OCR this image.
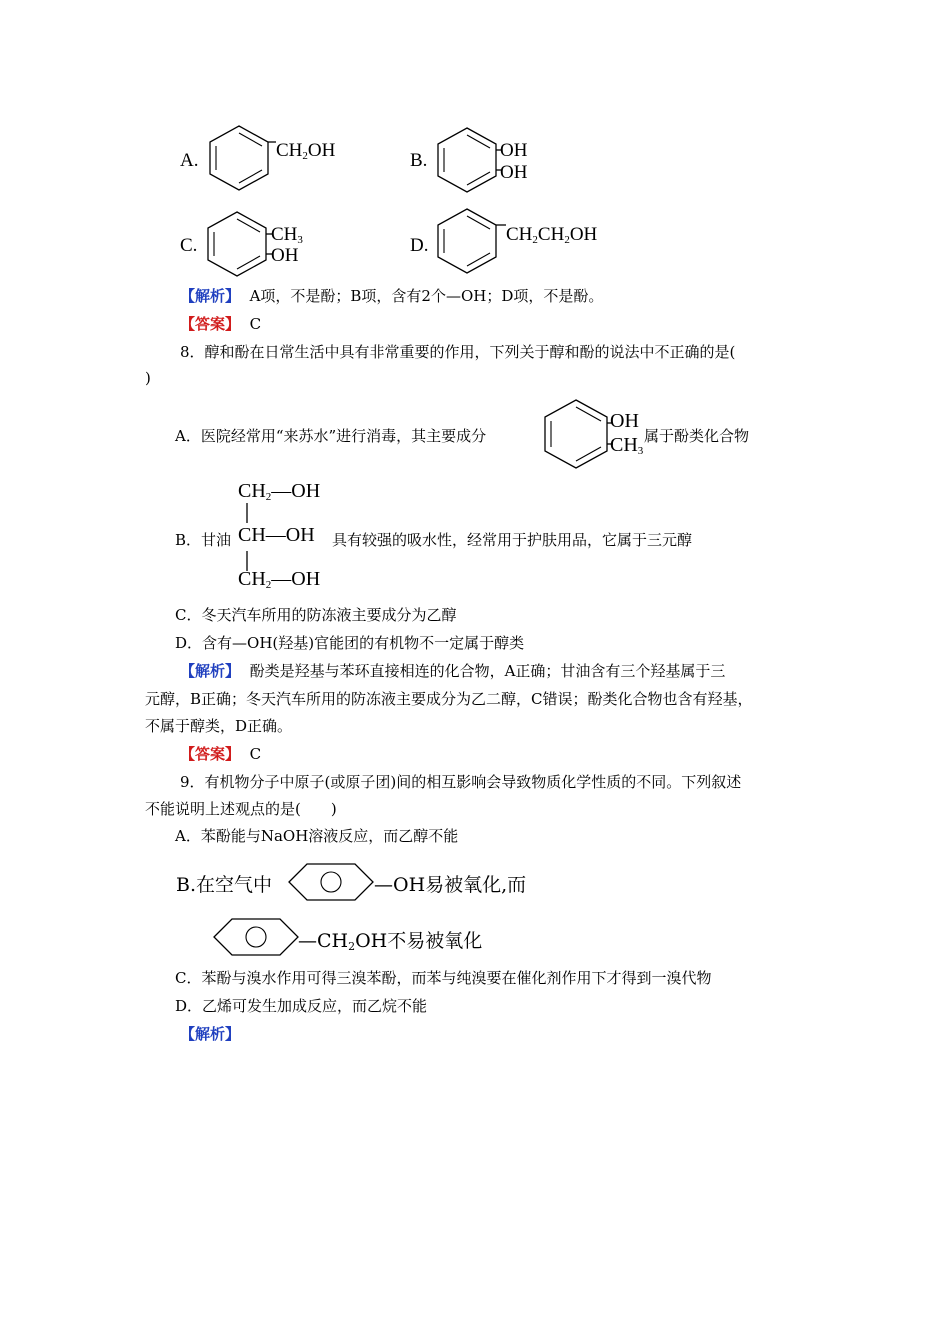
A.	$CH_2OH$	B.	OH
OH
C.
$CH_3$
OH	D.
$CH_2CH_2OH$
【解析】 A项，不是酚；B项，含有2个—OH；D项，不是酚。
【答案】 C
8．醇和酚在日常生活中具有非常重要的作用，下列关于醇和酚的说法中不正确的是(
)
A．医院经常用“来苏水”进行消毒，其主要成分
OH
$CH_3$
属于酚类化合物
B．甘油
$CH_2—OH$
CH—OH
$CH_2—OH$
具有较强的吸水性，经常用于护肤用品，它属于三元醇
C．冬天汽车所用的防冻液主要成分为乙醇
D．含有—OH(羟基)官能团的有机物不一定属于醇类
【解析】 酚类是羟基与苯环直接相连的化合物，A正确；甘油含有三个羟基属于三
元醇，B正确；冬天汽车所用的防冻液主要成分为乙二醇，C错误；酚类化合物也含有羟基，
不属于醇类，D正确。
【答案】 C
9．有机物分子中原子(或原子团)间的相互影响会导致物质化学性质的不同。下列叙述
不能说明上述观点的是(　　)
A．苯酚能与NaOH溶液反应，而乙醇不能
B.在空气中	—OH易被氧化,而
$—CH_2OH$不易被氧化
C．苯酚与溴水作用可得三溴苯酚，而苯与纯溴要在催化剂作用下才得到一溴代物
D．乙烯可发生加成反应，而乙烷不能
【解析】
